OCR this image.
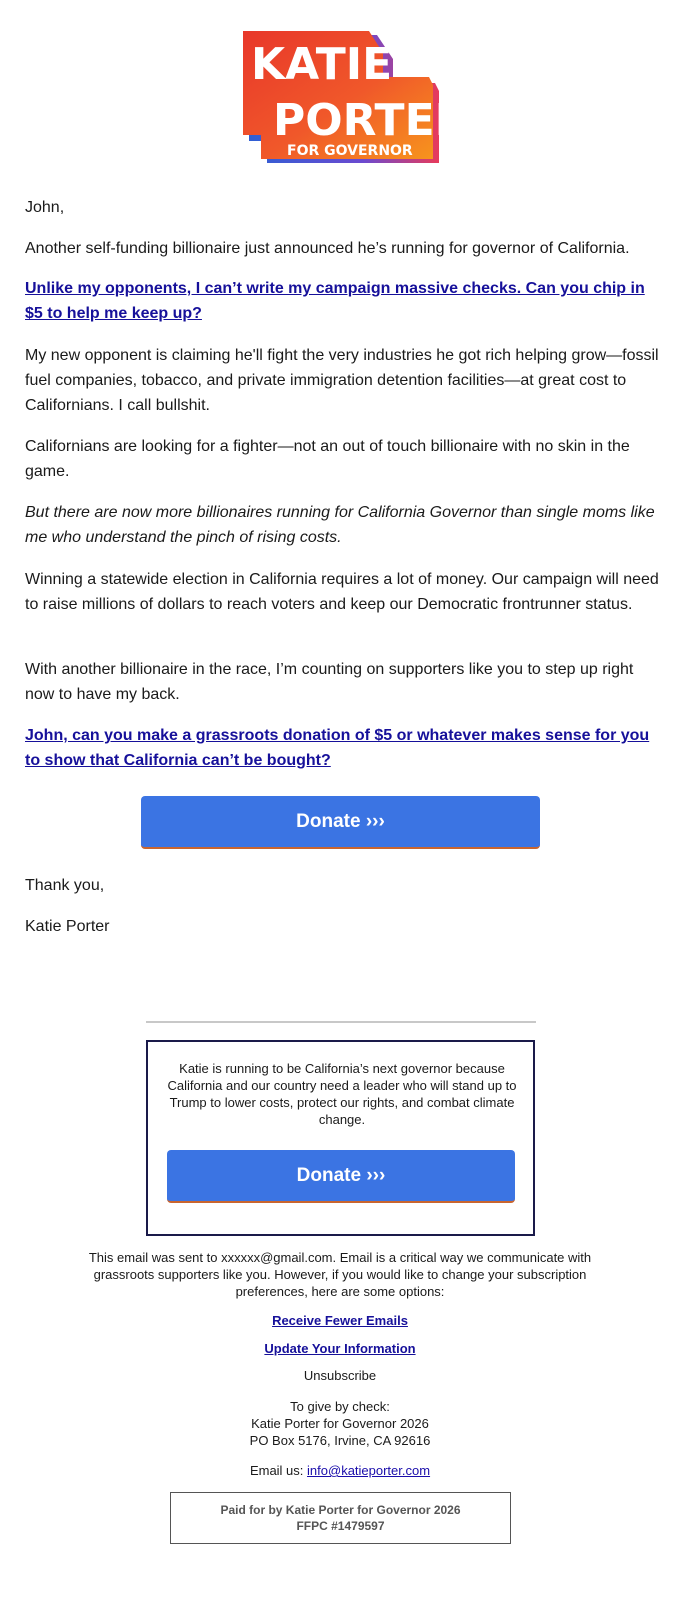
KATIE
PORTER
FOR GOVERNOR

John,

Another self-funding billionaire just announced he’s running for governor of California.

Unlike my opponents, I can’t write my campaign massive checks. Can you chip in $5 to help me keep up?

My new opponent is claiming he'll fight the very industries he got rich helping grow—fossil fuel companies, tobacco, and private immigration detention facilities—at great cost to Californians. I call bullshit.

Californians are looking for a fighter—not an out of touch billionaire with no skin in the game.

But there are now more billionaires running for California Governor than single moms like me who understand the pinch of rising costs.

Winning a statewide election in California requires a lot of money. Our campaign will need to raise millions of dollars to reach voters and keep our Democratic frontrunner status.

With another billionaire in the race, I’m counting on supporters like you to step up right now to have my back.

John, can you make a grassroots donation of $5 or whatever makes sense for you to show that California can’t be bought?

Thank you,

Katie Porter

Donate ›››
Katie is running to be California’s next governor because California and our country need a leader who will stand up to Trump to lower costs, protect our rights, and combat climate change.
Donate ›››
This email was sent to xxxxxx@gmail.com. Email is a critical way we communicate with grassroots supporters like you. However, if you would like to change your subscription preferences, here are some options:
Receive Fewer Emails
Update Your Information
Unsubscribe
To give by check:
Katie Porter for Governor 2026
PO Box 5176, Irvine, CA 92616
Email us: info@katieporter.com
Paid for by Katie Porter for Governor 2026
FFPC #1479597
